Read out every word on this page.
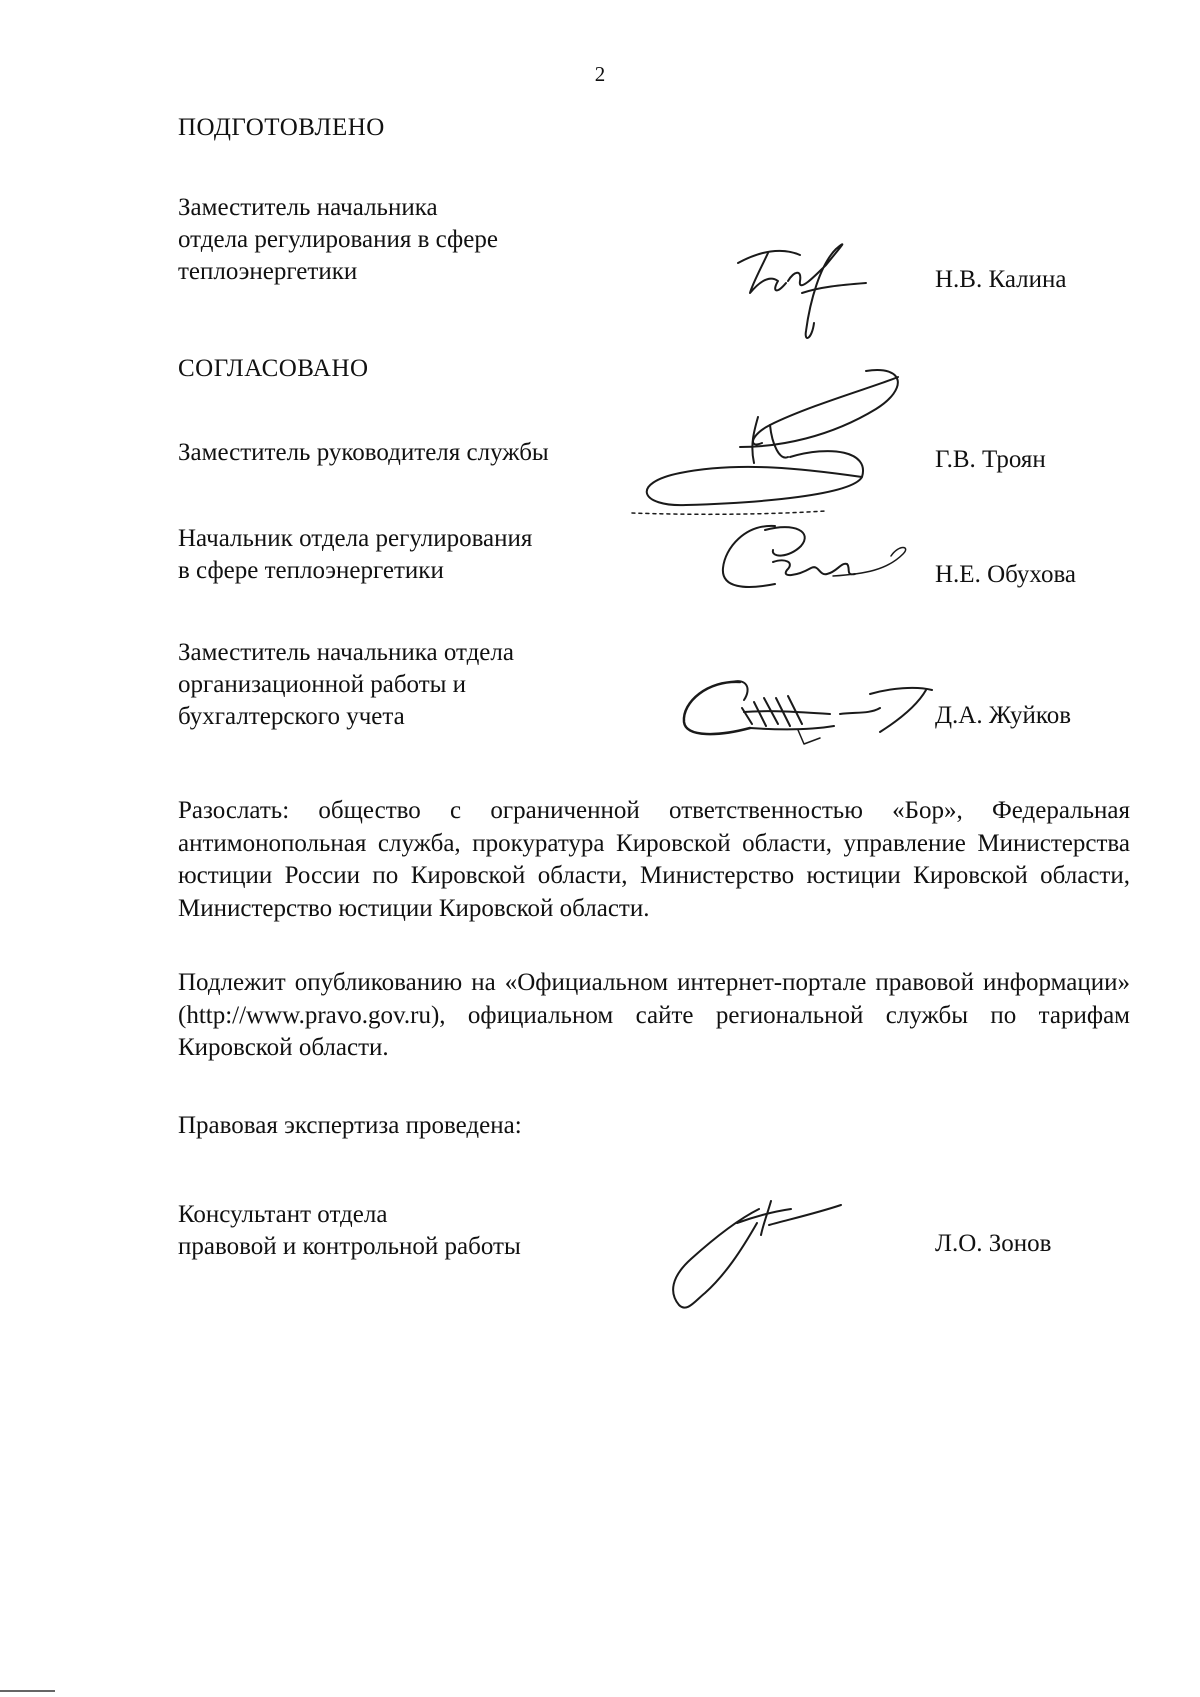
2
ПОДГОТОВЛЕНО
Заместитель начальника
отдела регулирования в сфере
теплоэнергетики	Н.В. Калина
СОГЛАСОВАНО
Заместитель руководителя службы	Г.В. Троян
Начальник отдела регулирования
в сфере теплоэнергетики	Н.Е. Обухова
Заместитель начальника отдела
организационной работы и
бухгалтерского учета	Д.А. Жуйков

Разослать: общество с ограниченной ответственностью «Бор», Федеральная антимонопольная служба, прокуратура Кировской области, управление Министерства юстиции России по Кировской области, Министерство юстиции Кировской области, Министерство юстиции Кировской области.

Подлежит опубликованию на «Официальном интернет-портале правовой информации» (http://www.pravo.gov.ru), официальном сайте региональной службы по тарифам Кировской области.

Правовая экспертиза проведена:
Консультант отдела
правовой и контрольной работы	Л.О. Зонов
